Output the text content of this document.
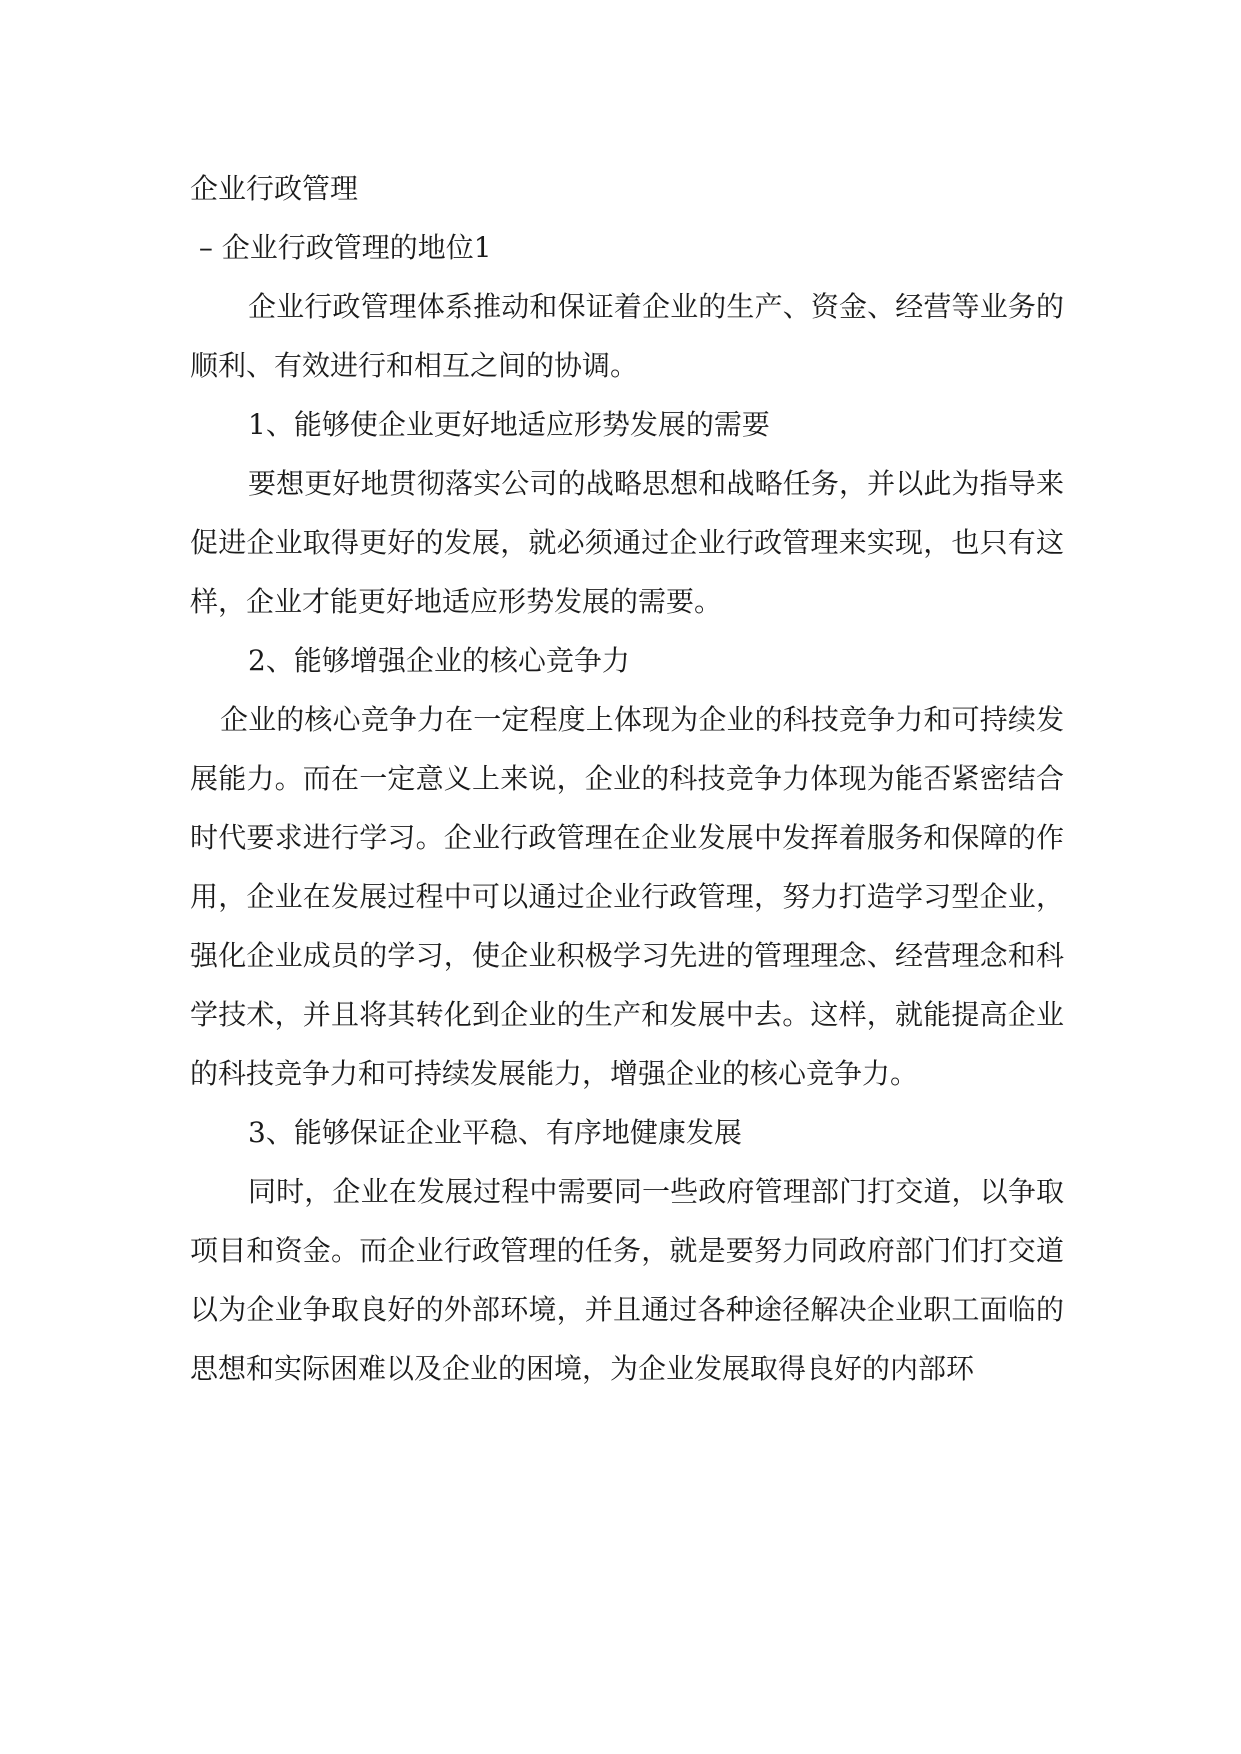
企业行政管理

– 企业行政管理的地位1

企业行政管理体系推动和保证着企业的生产、资金、经营等业务的顺利、有效进行和相互之间的协调。

1、能够使企业更好地适应形势发展的需要

要想更好地贯彻落实公司的战略思想和战略任务，并以此为指导来促进企业取得更好的发展，就必须通过企业行政管理来实现，也只有这样，企业才能更好地适应形势发展的需要。

2、能够增强企业的核心竞争力

企业的核心竞争力在一定程度上体现为企业的科技竞争力和可持续发展能力。而在一定意义上来说，企业的科技竞争力体现为能否紧密结合时代要求进行学习。企业行政管理在企业发展中发挥着服务和保障的作用，企业在发展过程中可以通过企业行政管理，努力打造学习型企业，强化企业成员的学习，使企业积极学习先进的管理理念、经营理念和科学技术，并且将其转化到企业的生产和发展中去。这样，就能提高企业的科技竞争力和可持续发展能力，增强企业的核心竞争力。

3、能够保证企业平稳、有序地健康发展

同时，企业在发展过程中需要同一些政府管理部门打交道，以争取项目和资金。而企业行政管理的任务，就是要努力同政府部门们打交道以为企业争取良好的外部环境，并且通过各种途径解决企业职工面临的思想和实际困难以及企业的困境，为企业发展取得良好的内部环
